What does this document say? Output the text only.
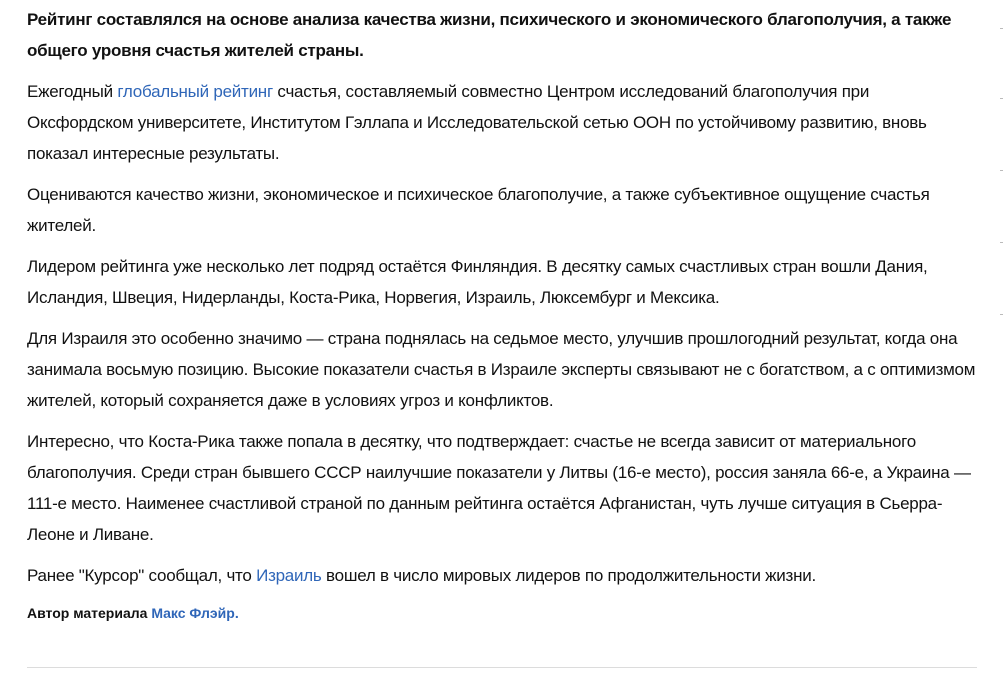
Рейтинг составлялся на основе анализа качества жизни, психического и экономического благополучия, а также общего уровня счастья жителей страны.

Ежегодный глобальный рейтинг счастья, составляемый совместно Центром исследований благополучия при Оксфордском университете, Институтом Гэллапа и Исследовательской сетью ООН по устойчивому развитию, вновь показал интересные результаты.

Оцениваются качество жизни, экономическое и психическое благополучие, а также субъективное ощущение счастья жителей.

Лидером рейтинга уже несколько лет подряд остаётся Финляндия. В десятку самых счастливых стран вошли Дания, Исландия, Швеция, Нидерланды, Коста-Рика, Норвегия, Израиль, Люксембург и Мексика.

Для Израиля это особенно значимо — страна поднялась на седьмое место, улучшив прошлогодний результат, когда она занимала восьмую позицию. Высокие показатели счастья в Израиле эксперты связывают не с богатством, а с оптимизмом жителей, который сохраняется даже в условиях угроз и конфликтов.

Интересно, что Коста-Рика также попала в десятку, что подтверждает: счастье не всегда зависит от материального благополучия. Среди стран бывшего СССР наилучшие показатели у Литвы (16-е место), россия заняла 66-е, а Украина — 111-е место. Наименее счастливой страной по данным рейтинга остаётся Афганистан, чуть лучше ситуация в Сьерра-Леоне и Ливане.

Ранее "Курсор" сообщал, что Израиль вошел в число мировых лидеров по продолжительности жизни.

Автор материала Макс Флэйр.
